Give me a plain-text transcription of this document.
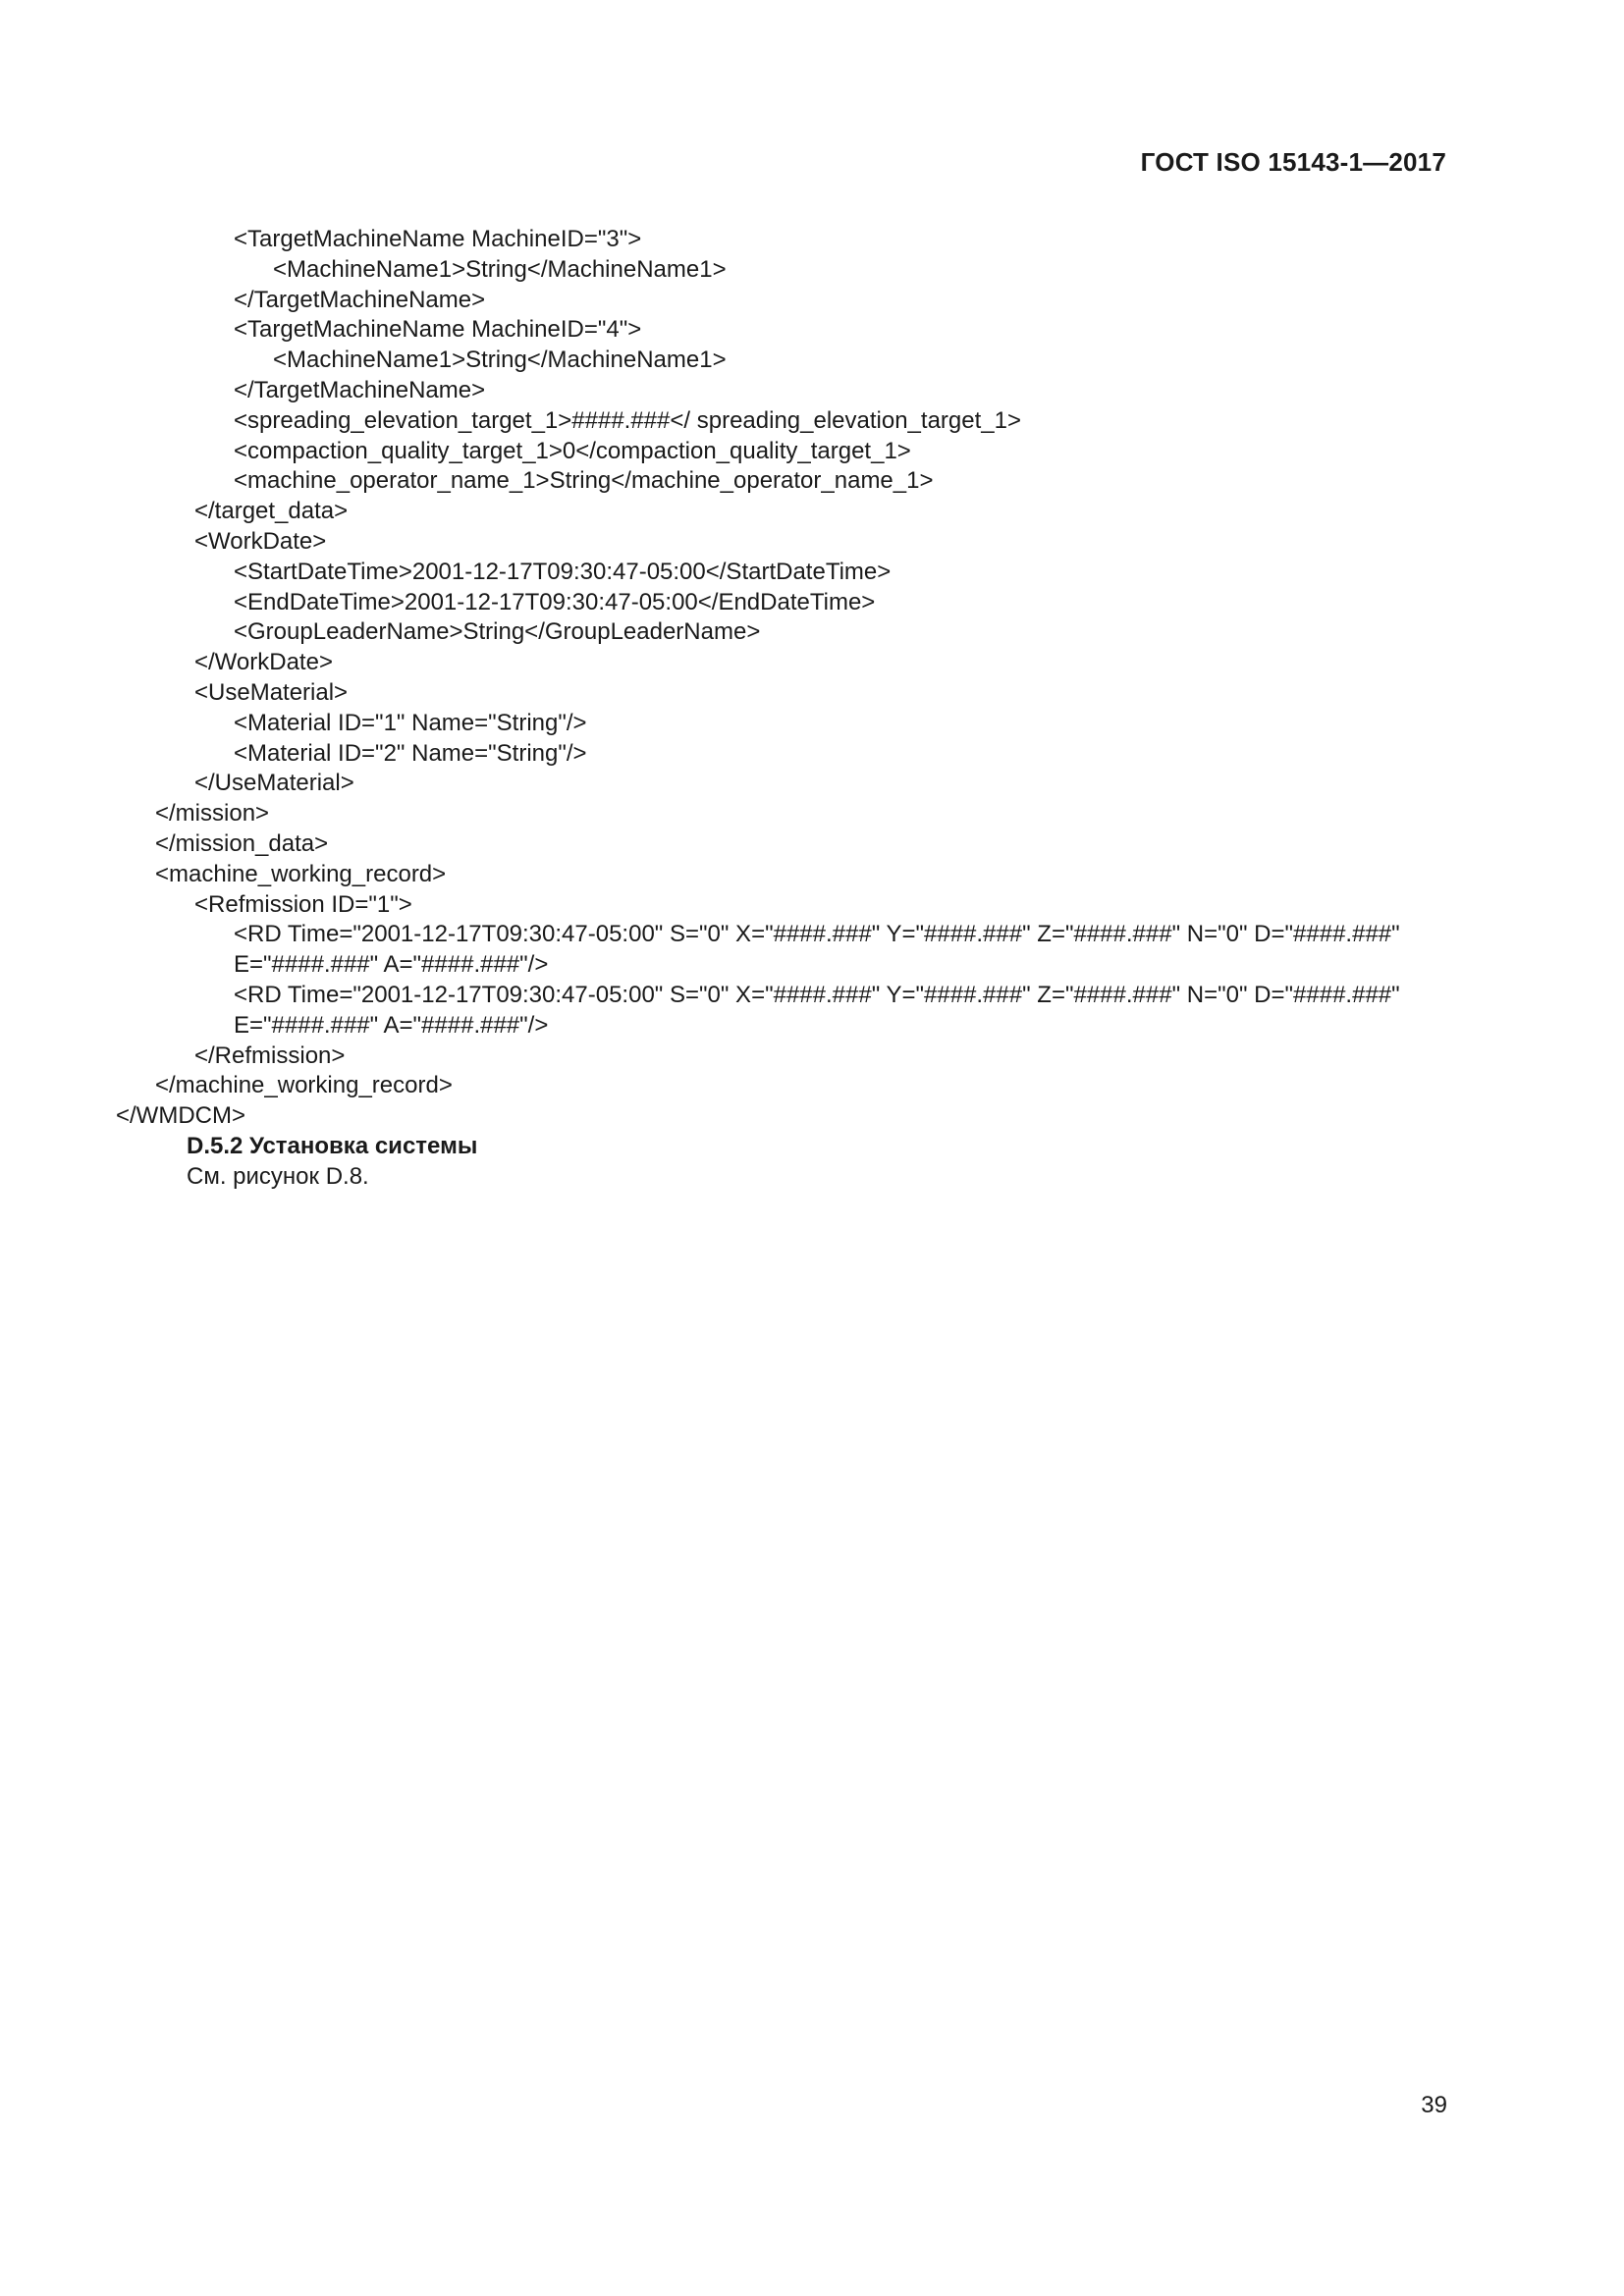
ГОСТ ISO 15143-1—2017
<TargetMachineName MachineID="3">
<MachineName1>String</MachineName1>
</TargetMachineName>
<TargetMachineName MachineID="4">
<MachineName1>String</MachineName1>
</TargetMachineName>
<spreading_elevation_target_1>####.###</ spreading_elevation_target_1>
<compaction_quality_target_1>0</compaction_quality_target_1>
<machine_operator_name_1>String</machine_operator_name_1>
</target_data>
<WorkDate>
<StartDateTime>2001-12-17T09:30:47-05:00</StartDateTime>
<EndDateTime>2001-12-17T09:30:47-05:00</EndDateTime>
<GroupLeaderName>String</GroupLeaderName>
</WorkDate>
<UseMaterial>
<Material ID="1" Name="String"/>
<Material ID="2" Name="String"/>
</UseMaterial>
</mission>
</mission_data>
<machine_working_record>
<Refmission ID="1">
<RD Time="2001-12-17T09:30:47-05:00" S="0" X="####.###" Y="####.###" Z="####.###" N="0" D="####.###"
E="####.###" A="####.###"/>
<RD Time="2001-12-17T09:30:47-05:00" S="0" X="####.###" Y="####.###" Z="####.###" N="0" D="####.###"
E="####.###" A="####.###"/>
</Refmission>
</machine_working_record>
</WMDCM>
D.5.2 Установка системы
См. рисунок D.8.
39
